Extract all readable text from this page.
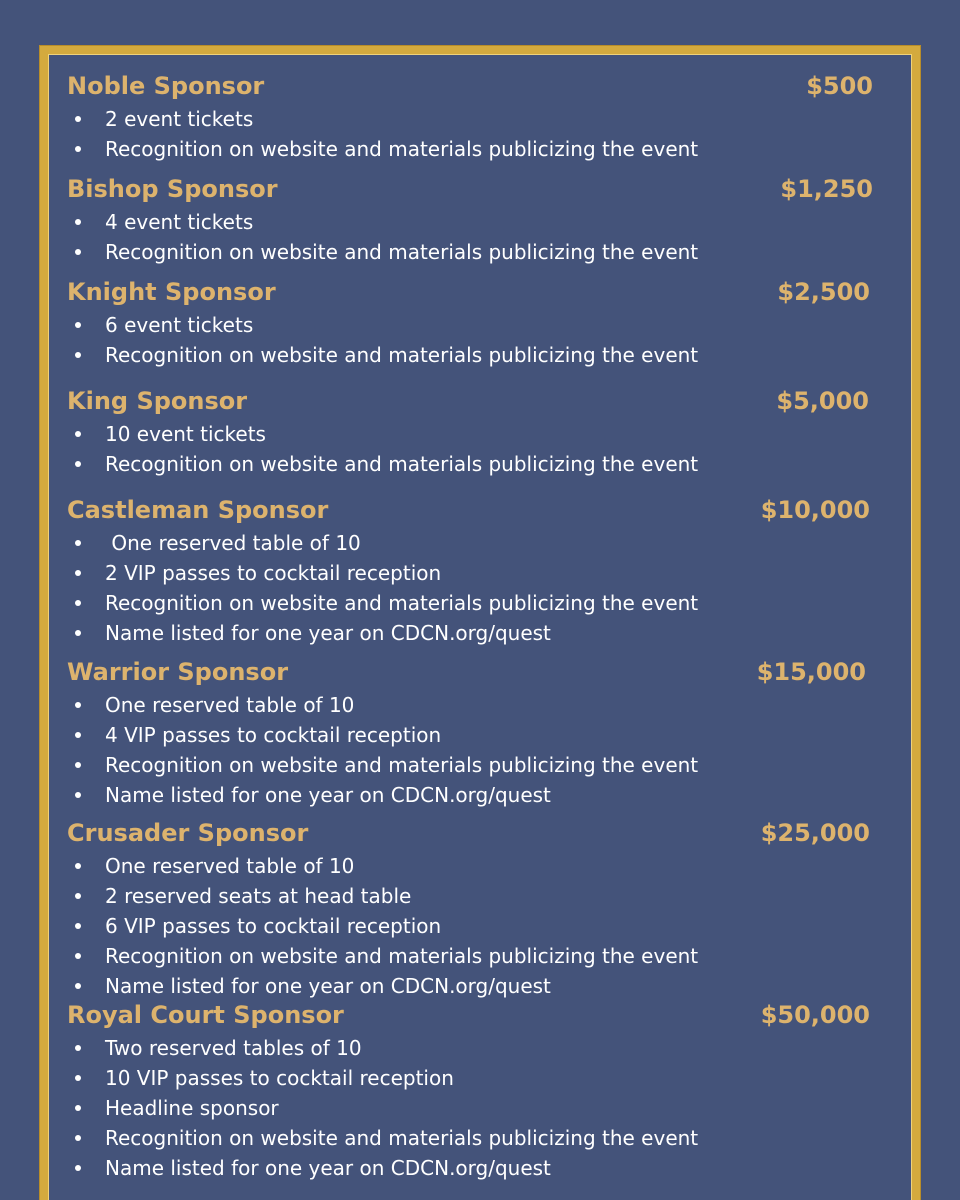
Noble Sponsor	$500
2 event tickets
Recognition on website and materials publicizing the event
Bishop Sponsor	$1,250
4 event tickets
Recognition on website and materials publicizing the event
Knight Sponsor	$2,500
6 event tickets
Recognition on website and materials publicizing the event
King Sponsor	$5,000
10 event tickets
Recognition on website and materials publicizing the event
Castleman Sponsor	$10,000
One reserved table of 10
2 VIP passes to cocktail reception
Recognition on website and materials publicizing the event
Name listed for one year on CDCN.org/quest
Warrior Sponsor	$15,000
One reserved table of 10
4 VIP passes to cocktail reception
Recognition on website and materials publicizing the event
Name listed for one year on CDCN.org/quest
Crusader Sponsor	$25,000
One reserved table of 10
2 reserved seats at head table
6 VIP passes to cocktail reception
Recognition on website and materials publicizing the event
Name listed for one year on CDCN.org/quest
Royal Court Sponsor	$50,000
Two reserved tables of 10
10 VIP passes to cocktail reception
Headline sponsor
Recognition on website and materials publicizing the event
Name listed for one year on CDCN.org/quest
